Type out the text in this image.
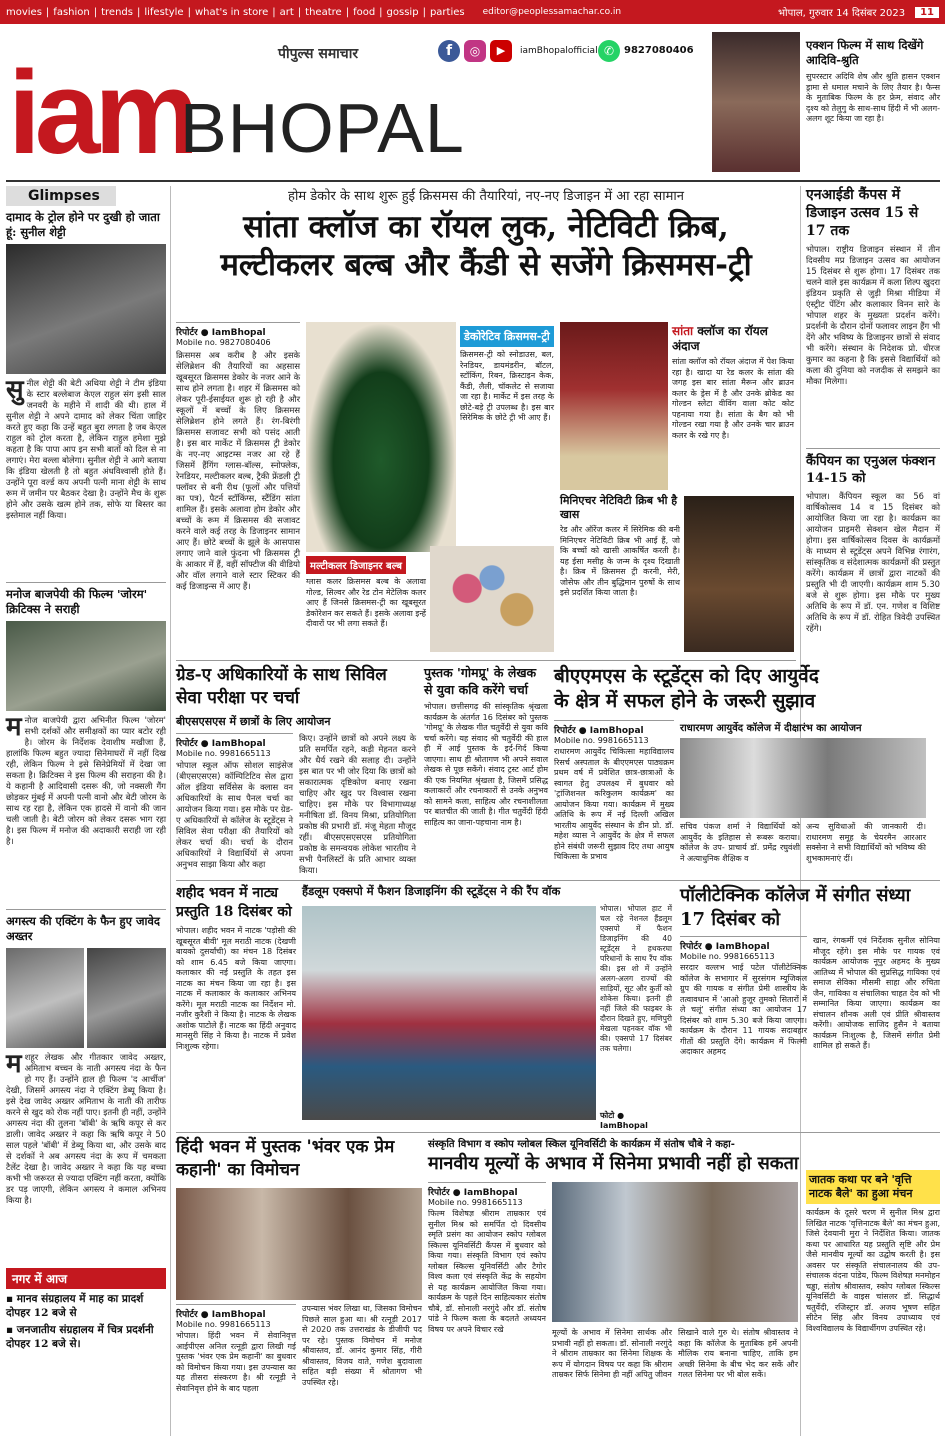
movies | fashion | trends | lifestyle | what's in store | art | theatre | food | gossip | parties editor@peoplessamachar.co.in	भोपाल, गुरुवार 14 दिसंबर 2023	11
पीपुल्स समाचार
iam
BHOPAL
f	◎	▶	iamBhopalofficial ✆ 9827080406	एक्शन फिल्म में साथ दिखेंगे आदिवि-श्रुति
सुपरस्टार अदिवि शेष और श्रुति हासन एक्शन ड्रामा से धमाल मचाने के लिए तैयार है। फैन्स के मुताबिक फिल्म के हर फ्रेम, संवाद और दृश्य को तेलुगु के साथ-साथ हिंदी में भी अलग-अलग शूट किया जा रहा है।
Glimpses
दामाद के ट्रोल होने पर दुखी हो जाता हूं: सुनील शेट्टी
सुनील शेट्टी की बेटी अथिया शेट्टी ने टीम इंडिया के स्टार बल्लेबाज केएल राहुल संग इसी साल जनवरी के महीने में शादी की थी। हाल में सुनील शेट्टी ने अपने दामाद को लेकर चिंता जाहिर करते हुए कहा कि उन्हें बहुत बुरा लगता है जब केएल राहुल को ट्रोल करता है, लेकिन राहुल हमेशा मुझे कहता है कि पापा आप इन सभी बातों को दिल से ना लगाएं। मेरा बल्ला बोलेगा। सुनील शेट्टी ने आगे बताया कि इंडिया खेलती है तो बहुत अंधविश्वासी होते हैं। उन्होंने पूरा वर्ल्ड कप अपनी पत्नी माना शेट्टी के साथ रूम में जमीन पर बैठकर देखा है। उन्होंने मैच के शुरू होने और उसके खत्म होने तक, सोफे या बिस्तर का इस्तेमाल नहीं किया।
मनोज बाजपेयी की फिल्म 'जोरम' क्रिटिक्स ने सराही
मनोज बाजपेयी द्वारा अभिनीत फिल्म 'जोरम' सभी दर्शकों और समीक्षकों का प्यार बटोर रही है। जोरम के निर्देशक देवाशीष मखीजा हैं, हालांकि फिल्म बहुत ज्यादा सिनेमाघरों में नहीं दिख रही, लेकिन फिल्म ने इसे सिनेप्रेमियों में देखा जा सकता है। क्रिटिक्स ने इस फिल्म की सराहना की है। ये कहानी है आदिवासी दसरू की, जो नक्सली गैंग छोड़कर मुंबई में अपनी पत्नी वानो और बेटी जोरम के साथ रह रहा है, लेकिन एक हादसे में वानो की जान चली जाती है। बेटी जोरम को लेकर दसरू भाग रहा है। इस फिल्म में मनोज की अदाकारी सराही जा रही है।
अगस्त्य की एक्टिंग के फैन हुए जावेद अख्तर
मशहूर लेखक और गीतकार जावेद अख्तर, अमिताभ बच्चन के नाती अगस्त्य नंदा के फैन हो गए हैं। उन्होंने हाल ही फिल्म 'द आर्चीज' देखी, जिसमें अगस्त्य नंदा ने एक्टिंग डेब्यू किया है। इसे देख जावेद अख्तर अमिताभ के नाती की तारीफ करने से खुद को रोक नहीं पाए। इतनी ही नहीं, उन्होंने अगस्त्य नंदा की तुलना 'बॉबी' के ऋषि कपूर से कर डाली। जावेद अख्तर ने कहा कि ऋषि कपूर ने 50 साल पहले 'बॉबी' में डेब्यू किया था, और उसके बाद से दर्शकों ने अब अगस्त्य नंदा के रूप में चमकता टैलेंट देखा है। जावेद अख्तर ने कहा कि यह बच्चा कभी भी जरूरत से ज्यादा एक्टिंग नहीं करता, क्योंकि डर पड़ जाएगी, लेकिन अगस्त्य ने कमाल अभिनय किया है।
नगर में आज
▪ मानव संग्रहालय में माह का प्रादर्श दोपहर 12 बजे से
▪ जनजातीय संग्रहालय में चित्र प्रदर्शनी दोपहर 12 बजे से।
होम डेकोर के साथ शुरू हुई क्रिसमस की तैयारियां, नए-नए डिजाइन में आ रहा सामान
सांता क्लॉज का रॉयल लुक, नेटिविटी क्रिब,
मल्टीकलर बल्ब और कैंडी से सजेंगे क्रिसमस-ट्री
रिपोर्टर ● IamBhopal
Mobile no. 9827080406
क्रिसमस अब करीब है और इसके सेलिब्रेशन की तैयारियों का अहसास खूबसूरत क्रिसमस डेकोर के नजर आने के साथ होने लगता है। शहर में क्रिसमस को लेकर पूरी-ईसाईयत शुरू हो रही है और स्कूलों में बच्चों के लिए क्रिसमस सेलिब्रेशन होने लगते हैं। रंग-बिरंगी क्रिसमस सजावट सभी को पसंद आती है। इस बार मार्केट में क्रिसमस ट्री डेकोर के नए-नए आइटम्स नजर आ रहे हैं जिसमें हैंगिंग ग्लास-बॉल्स, स्नोफ्लेक, रेनडियर, मल्टीकलर बल्ब, ट्रैकी फ्रेंडली ट्री फ्लॉवर से बनी रीथ (फूलों और पत्तियों का पत्र), पैटर्न स्टॉकिंग्स, स्टैंडिंग सांता शामिल हैं। इसके अलावा होम डेकोर और बच्चों के रूम में क्रिसमस की सजावट करने वाले कई तरह के डिजाइनर सामान आए हैं। छोटे बच्चों के झूले के आसपास लगाए जाने वाले फुंदना भी क्रिसमस ट्री के आकार में हैं, वहीं सॉफ्टीज की वीडियो और वॉल लगाने वाले स्टार स्टिकर की कई डिजाइन्स में आए हैं।
डेकोरेटिव क्रिसमस-ट्री
क्रिसमस-ट्री को स्नोडाउस, बल, रेनडियर, डायमंडरीन, बॉटल, स्टॉकिंग, रिबन, क्रिस्टाइन केक, कैंडी, लैली, चॉकलेट से सजाया जा रहा है। मार्केट में इस तरह के छोटे-बड़े ट्री उपलब्ध है। इस बार सिरेमिक के छोटे ट्री भी आए हैं।
मल्टीकलर डिजाइनर बल्ब
ग्लास कलर क्रिसमस बल्ब के अलावा गोल्ड, सिल्वर और रेड टोन मेटेलिक कलर आए हैं जिनसे क्रिसमस-ट्री का खूबसूरत डेकोरेशन कर सकते हैं। इसके अलावा इन्हें दीवारों पर भी लगा सकते हैं।
सांता क्लॉज का रॉयल अंदाज
सांता क्लॉज को रॉयल अंदाज में पेश किया रहा है। खादा या रेड कलर के सांता की जगह इस बार सांता मैरून और ब्राउन कलर के ड्रेस में है और उनके ब्रोकेड का गोल्डन स्लेटा वीविंग वाला कोट कोट पहनाया गया है। सांता के बैग को भी गोल्डन रखा गया है और उनके चार ब्राउन कलर के रखे गए है।
मिनिएचर नेटिविटी क्रिब भी है खास
रेड और ऑरेंज कलर में सिरेमिक की बनी मिनिएचर नेटिविटी क्रिब भी आई हैं, जो कि बच्चों को खासी आकर्षित करती है। यह ईसा मसीह के जन्म के दृश्य दिखाती है। क्रिब में क्रिसमस ट्री करनी, मेरी, जोसेफ और तीन बुद्धिमान पुरुषों के साथ इसे प्रदर्शित किया जाता है।
एनआईडी कैंपस में डिजाइन उत्सव 15 से 17 तक
भोपाल। राष्ट्रीय डिजाइन संस्थान में तीन दिवसीय मप्र डिजाइन उत्सव का आयोजन 15 दिसंबर से शुरू होगा। 17 दिसंबर तक चलने वाले इस कार्यक्रम में कला शिल्प खुदरा इंडियन प्रकृति से जुड़ी मिश्रा मीडिया में एंस्ट्रीट पेंटिंग और कलाकार विनन सारे के भोपाल शहर के मुख्यतः प्रदर्शन करेंगे। प्रदर्शनी के दौरान दोनों फलावर लाइन हैंग भी देंगे और भविष्य के डिजाइनर छात्रों से संवाद भी करेंगे। संस्थान के निदेशक प्रो. धीरज कुमार का कहना है कि इससे विद्यार्थियों को कला की दुनिया को नजदीक से समझने का मौका मिलेगा।
कैंपियन का एनुअल फंक्शन 14-15 को
भोपाल। कैंपियन स्कूल का 56 वां वार्षिकोत्सव 14 व 15 दिसंबर को आयोजित किया जा रहा है। कार्यक्रम का आयोजन प्राइमरी सेक्शन खेल मैदान में होगा। इस वार्षिकोत्सव दिवस के कार्यक्रमों के माध्यम से स्टूडेंट्स अपने विभिन्न रंगारंग, सांस्कृतिक व संदेशात्मक कार्यक्रमों की प्रस्तुत करेंगे। कार्यक्रम में छात्रों द्वारा नाटकों की प्रस्तुति भी दी जाएगी। कार्यक्रम शाम 5.30 बजे से शुरू होगा। इस मौके पर मुख्य अतिथि के रूप में डॉ. एन. गणेश व विशिष्ट अतिथि के रूप में डॉ. रोहित त्रिवेदी उपस्थित रहेंगे।
ग्रेड-ए अधिकारियों के साथ सिविल सेवा परीक्षा पर चर्चा
बीएसएसएस में छात्रों के लिए आयोजन
रिपोर्टर ● IamBhopal
Mobile no. 9981665113
भोपाल स्कूल ऑफ सोशल साइंसेज (बीएसएसएस) कॉम्पिटिटिव सेल द्वारा ऑल इंडिया सर्विसेस के क्लास वन अधिकारियों के साथ पैनल चर्चा का आयोजन किया गया। इस मौके पर ग्रेड-ए अधिकारियों से कॉलेज के स्टूडेंट्स ने सिविल सेवा परीक्षा की तैयारियों को लेकर चर्चा की। चर्चा के दौरान अधिकारियों ने विद्यार्थियों से अपना अनुभव साझा किया और कहा
किए। उन्होंने छात्रों को अपने लक्ष्य के प्रति समर्पित रहने, कड़ी मेहनत करने और धैर्य रखने की सलाह दी। उन्होंने इस बात पर भी जोर दिया कि छात्रों को सकारात्मक दृष्टिकोण बनाए रखना चाहिए और खुद पर विश्वास रखना चाहिए। इस मौके पर विभागाध्यक्ष मनीषिता डॉ. विनय मिश्रा, प्रतियोगिता प्रकोष्ठ की प्रभारी डॉ. मंजू मेहता मौजूद रहीं। बीएसएसएसएस प्रतियोगिता प्रकोष्ठ के समन्वयक लोकेश भारतीय ने सभी पैनलिस्टों के प्रति आभार व्यक्त किया।
पुस्तक 'गोमप्रू' के लेखक से युवा कवि करेंगे चर्चा
भोपाल। छत्तीसगढ़ की सांस्कृतिक श्रृंखला कार्यक्रम के अंतर्गत 16 दिसंबर को पुस्तक 'गोमप्रू' के लेखक गीत चतुर्वेदी से युवा कवि चर्चा करेंगे। यह संवाद श्री चतुर्वेदी की हाल ही में आई पुस्तक के इर्द-गिर्द किया जाएगा। साथ ही श्रोतागण भी अपने सवाल लेखक से पूछ सकेंगे। संवाद ट्रस्ट आर्ट होम की एक नियमित श्रृंखला है, जिसमें प्रसिद्ध कलाकारों और रचनाकारों से उनके अनुभव को सामने कला, साहित्य और रचनाशीलता पर बातचीत की जाती है। गीत चतुर्वेदी हिंदी साहित्य का जाना-पहचाना नाम है।
बीएएमएस के स्टूडेंट्स को दिए आयुर्वेद
के क्षेत्र में सफल होने के जरूरी सुझाव
रिपोर्टर ● IamBhopal
Mobile no. 9981665113
राधारमण आयुर्वेद चिकित्सा महाविद्यालय रिसर्च अस्पताल के बीएएमएस पाठ्यक्रम प्रथम वर्ष में प्रवेशित छात्र-छात्राओं के स्वागत हेतु उपलक्ष्य में बुधवार को 'ट्रांजिशनल करिकुलम कार्यक्रम' का आयोजन किया गया। कार्यक्रम में मुख्य अतिथि के रूप में नई दिल्ली अखिल भारतीय आयुर्वेद संस्थान के डीन प्रो. डॉ. महेश व्यास ने आयुर्वेद के क्षेत्र में सफल होने संबंधी जरूरी सुझाव दिए तथा आयुष चिकित्सा के प्रभाव
राधारमण आयुर्वेद कॉलेज में दीक्षारंभ का आयोजन
सचिव पंकज शर्मा ने विद्यार्थियों को आयुर्वेद के इतिहास से रूबरू कराया। कॉलेज के उप- प्राचार्य डॉ. प्रमेंद्र रघुवंशी ने अत्याधुनिक शैक्षिक व
अन्य सुविधाओं की जानकारी दी। राधारमण समूह के चेयरमैन आरआर सक्सेना ने सभी विद्यार्थियों को भविष्य की शुभकामनाएं दीं।
शहीद भवन में नाट्य प्रस्तुति 18 दिसंबर को
भोपाल। शहीद भवन में नाटक 'पड़ोसी की खूबसूरत बीवी' मूल मराठी नाटक (देखणी बायको दुसर्यांची) का मंचन 18 दिसंबर को शाम 6.45 बजे किया जाएगा। कलाकार की नई प्रस्तुति के तहत इस नाटक का मंचन किया जा रहा है। इस नाटक में कलाकार के कलाकार अभिनय करेंगे। मूल मराठी नाटक का निर्देशन मो. नजीर कुरैशी ने किया है। नाटक के लेखक अशोक पाटोले हैं। नाटक का हिंदी अनुवाद मानसुरी सिंह ने किया है। नाटक में प्रवेश निःशुल्क रहेगा।
हैंडलूम एक्सपो में फैशन डिजाइनिंग की स्टूडेंट्स ने की रैंप वॉक
भोपाल। भोपाल हाट में चल रहे नेशनल हैंडलूम एक्सपो में फैशन डिजाइनिंग की 40 स्टूडेंट्स ने हथकरघा परिधानों के साथ रैंप वॉक की। इस शो में उन्होंने अलग-अलग राज्यों की साड़ियों, सूट और कुर्ती को शोकेस किया। इतनी ही नहीं जिले की फाइबर के दौरान दिखते हुए, मणिपुरी मेखला पहनकर वॉक भी की। एक्सपो 17 दिसंबर तक चलेगा।
फोटो ● IamBhopal
पॉलीटेक्निक कॉलेज में संगीत संध्या 17 दिसंबर को
रिपोर्टर ● IamBhopal
Mobile no. 9981665113
सरदार वल्लभ भाई पटेल पॉलीटेक्निक कॉलेज के सभागार में सुरसंगम म्यूजिकल ग्रुप की गायक व संगीत प्रेमी शास्त्रीय के तत्वावधान में 'आओ हुजूर तुमको सितारों में ले चलूं' संगीत संध्या का आयोजन 17 दिसंबर को शाम 5.30 बजे किया जाएगा। कार्यक्रम के दौरान 11 गायक सदाबहार गीतों की प्रस्तुति देंगे। कार्यक्रम में फिल्मी अदाकार अहमद
खान, रंगकर्मी एवं निर्देशक सुनील सोनिया मौजूद रहेंगे। इस मौके पर गायक एवं कार्यक्रम आयोजक नूपुर अहमद के मुख्य आतिथ्य में भोपाल की सुप्रसिद्ध गायिका एवं समाज सेविका मौसमी साहा और रुचिता जैन, गायिका व संचालिका चाहत देव को भी सम्मानित किया जाएगा। कार्यक्रम का संचालन शौनक अली एवं प्रीति श्रीवास्तव करेंगी। आयोजक साजिद हुसैन ने बताया कार्यक्रम निःशुल्क है, जिसमें संगीत प्रेमी शामिल हो सकते हैं।
हिंदी भवन में पुस्तक 'भंवर एक प्रेम कहानी' का विमोचन
रिपोर्टर ● IamBhopal
Mobile no. 9981665113
भोपाल। हिंदी भवन में सेवानिवृत्त आईपीएस अनिल रत्नूड़ी द्वारा लिखी गई पुस्तक 'भंवर एक प्रेम कहानी' का बुधवार को विमोचन किया गया। इस उपन्यास का यह तीसरा संस्करण है। श्री रत्नूड़ी ने सेवानिवृत्त होने के बाद पहला
उपन्यास भंवर लिखा था, जिसका विमोचन पिछले साल हुआ था। श्री रत्नूड़ी 2017 से 2020 तक उत्तराखंड के डीजीपी पद पर रहे। पुस्तक विमोचन में मनोज श्रीवास्तव, डॉ. आनंद कुमार सिंह, गीरी श्रीवास्तव, विजय वाते, गणेश बुदावाला सहित बड़ी संख्या में श्रोतागण भी उपस्थित रहे।
संस्कृति विभाग व स्कोप ग्लोबल स्किल यूनिवर्सिटी के कार्यक्रम में संतोष चौबे ने कहा-
मानवीय मूल्यों के अभाव में सिनेमा प्रभावी नहीं हो सकता
रिपोर्टर ● IamBhopal
Mobile no. 9981665113
फिल्म विशेषज्ञ श्रीराम ताम्रकार एवं सुनील मिश्र को समर्पित दो दिवसीय स्मृति प्रसंग का आयोजन स्कोप ग्लोबल स्किल्स यूनिवर्सिटी कैंपस में बुधवार को किया गया। संस्कृति विभाग एवं स्कोप ग्लोबल स्किल्स यूनिवर्सिटी और टैगोर विश्व कला एवं संस्कृति केंद्र के सहयोग से यह कार्यक्रम आयोजित किया गया। कार्यक्रम के पहले दिन साहित्यकार संतोष चौबे, डॉ. सोनाली नरगुंदे और डॉ. संतोष पांडे ने फिल्म कला के बदलते अध्ययन विषय पर अपने विचार रखे	मूल्यों के अभाव में सिनेमा सार्थक और प्रभावी नहीं हो सकता। डॉ. सोनाली नरगुंदे ने श्रीराम ताम्रकार का सिनेमा शिक्षक के रूप में योगदान विषय पर कहा कि श्रीराम ताम्रकर सिर्फ सिनेमा ही नहीं अपितु जीवन
सिखाने वाले गुरु थे। संतोष श्रीवास्तव ने कहा कि कॉलेज के मुताबिक हमें अपनी मौलिक राय बनाना चाहिए, ताकि हम अच्छी सिनेमा के बीच भेद कर सकें और गलत सिनेमा पर भी बोल सकें।
जातक कथा पर बने 'वृत्ति नाटक बैले' का हुआ मंचन
कार्यक्रम के दूसरे चरण में सुनील मिश्र द्वारा लिखित नाटक 'वृत्तिनाटक बैले' का मंचन हुआ, जिसे देवयानी मुरा ने निर्देशित किया। जातक कथा पर आधारित यह प्रस्तुति सृष्टि और प्रेम जैसे मानवीय मूल्यों का उद्घोष करती है। इस अवसर पर संस्कृति संचालनालय की उप-संचालक वंदना पांडेय, फिल्म विशेषज्ञ मनमोहन चड्ढा, संतोष श्रीवास्तव, स्कोप ग्लोबल स्किल्स यूनिवर्सिटी के वाइस चांसलर डॉ. सिद्धार्थ चतुर्वेदी, रजिस्ट्रार डॉ. अजय भूषण सहित सीटेन सिंह और विनय उपाध्याय एवं विश्वविद्यालय के विद्यार्थीगण उपस्थित रहे।
